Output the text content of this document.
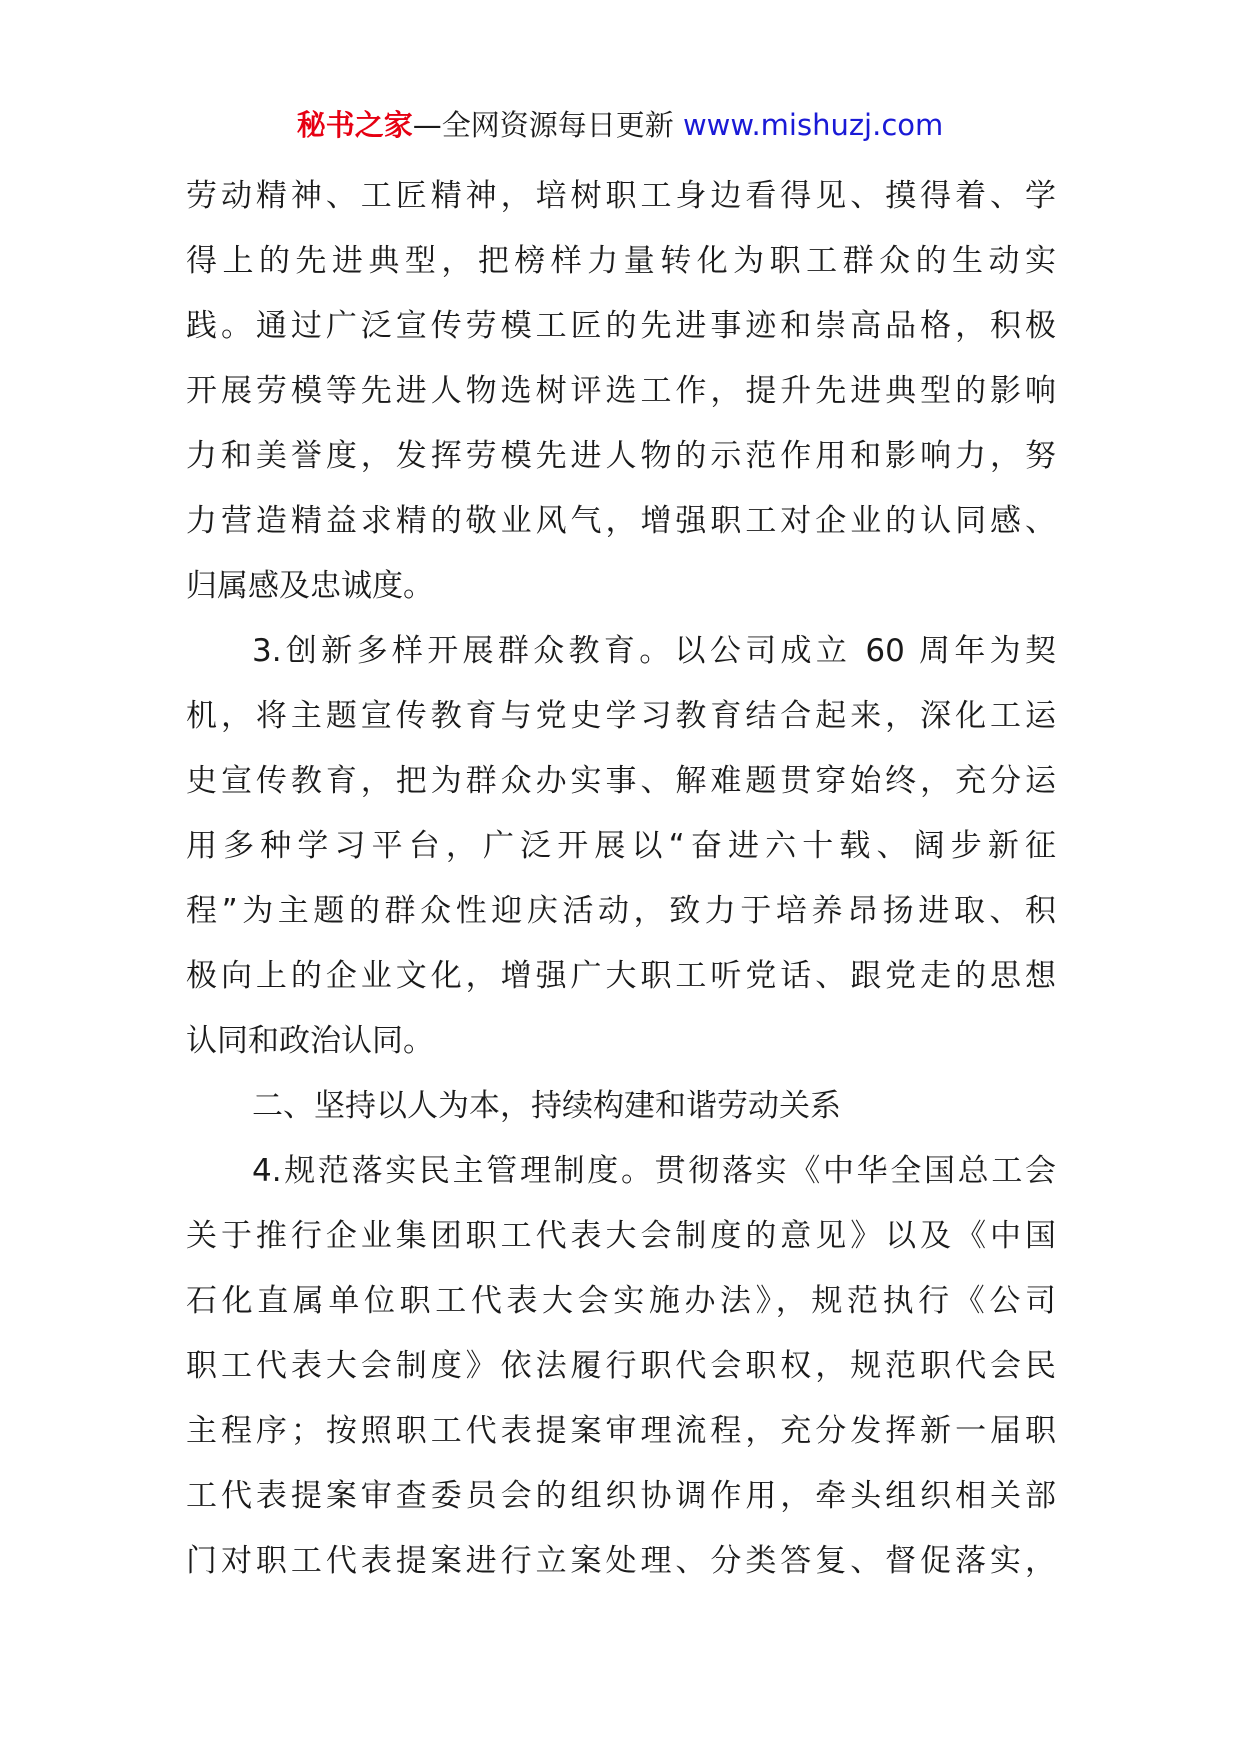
秘书之家—全网资源每日更新 www.mishuzj.com
劳动精神、工匠精神，培树职工身边看得见、摸得着、学
得上的先进典型，把榜样力量转化为职工群众的生动实
践。通过广泛宣传劳模工匠的先进事迹和崇高品格，积极
开展劳模等先进人物选树评选工作，提升先进典型的影响
力和美誉度，发挥劳模先进人物的示范作用和影响力，努
力营造精益求精的敬业风气，增强职工对企业的认同感、
归属感及忠诚度。
3.创新多样开展群众教育。以公司成立 60 周年为契
机，将主题宣传教育与党史学习教育结合起来，深化工运
史宣传教育，把为群众办实事、解难题贯穿始终，充分运
用多种学习平台，广泛开展以“奋进六十载、阔步新征
程”为主题的群众性迎庆活动，致力于培养昂扬进取、积
极向上的企业文化，增强广大职工听党话、跟党走的思想
认同和政治认同。
二、坚持以人为本，持续构建和谐劳动关系
4.规范落实民主管理制度。贯彻落实《中华全国总工会
关于推行企业集团职工代表大会制度的意见》以及《中国
石化直属单位职工代表大会实施办法》，规范执行《公司
职工代表大会制度》依法履行职代会职权，规范职代会民
主程序；按照职工代表提案审理流程，充分发挥新一届职
工代表提案审查委员会的组织协调作用，牵头组织相关部
门对职工代表提案进行立案处理、分类答复、督促落实，
